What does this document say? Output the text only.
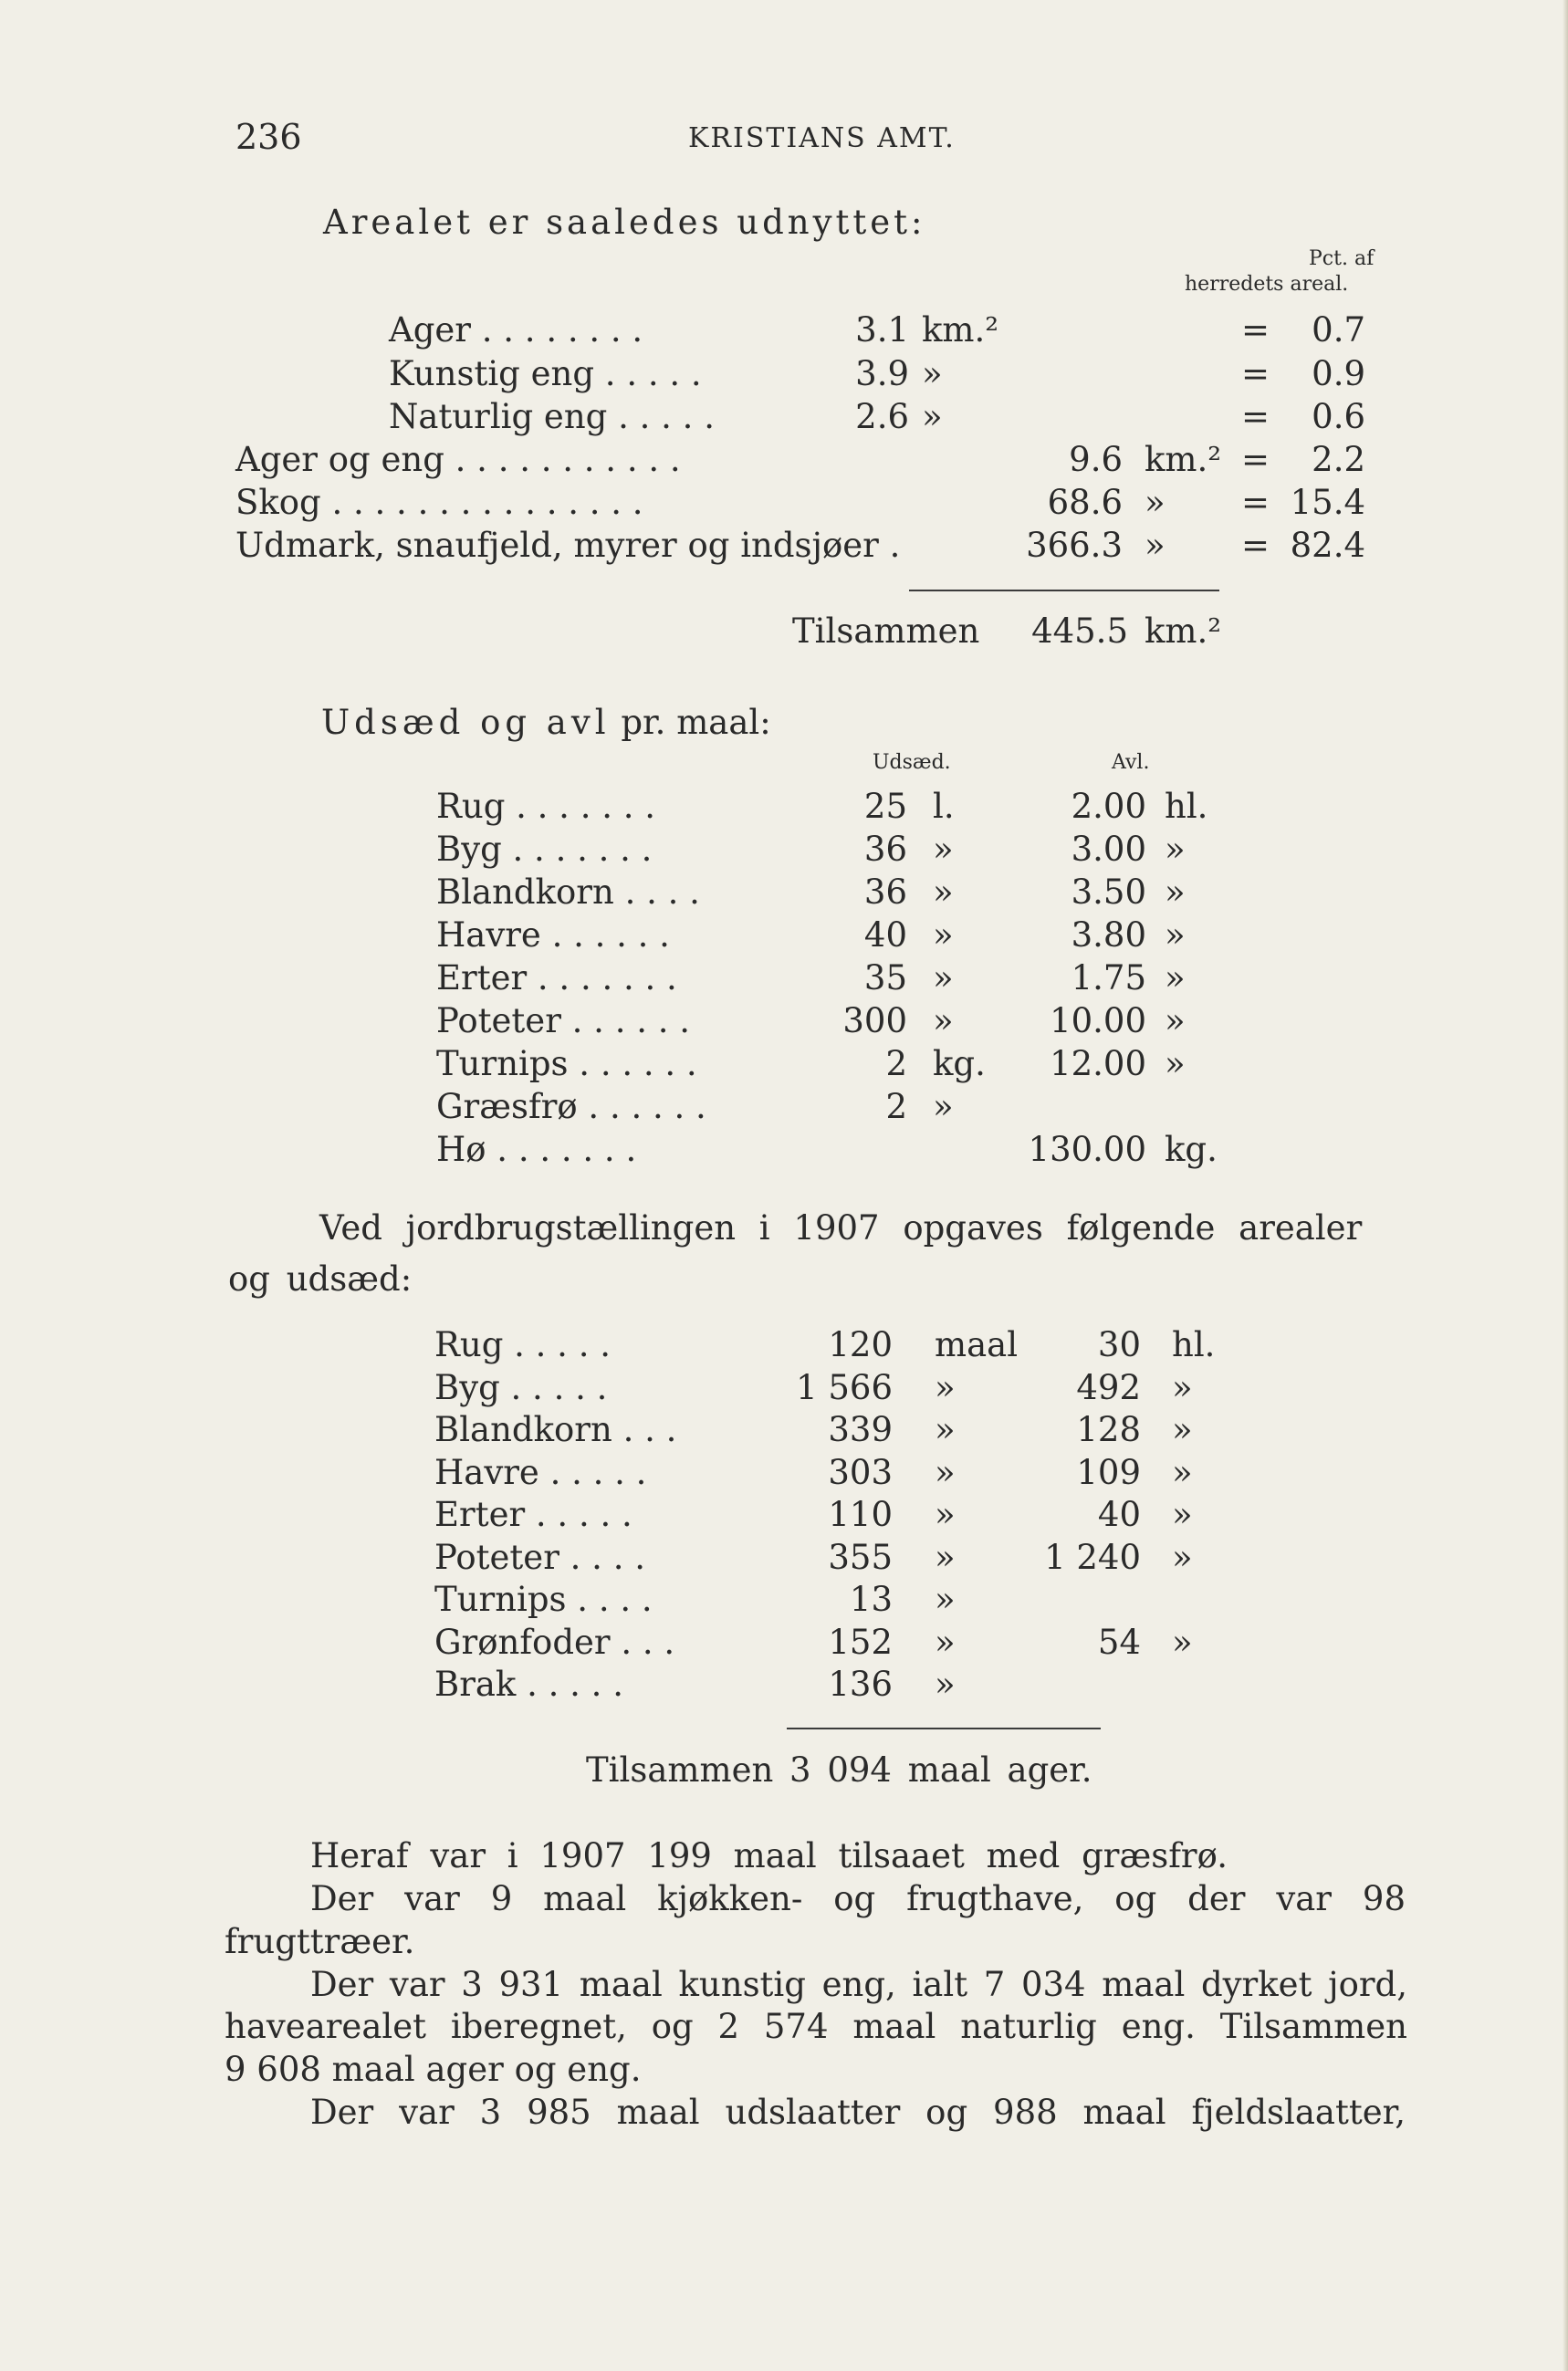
236	KRISTIANS AMT.
Arealet er saaledes udnyttet:
Pct. af
herredets areal.
Ager . . . . . . . .	3.1 km.²	=	0.7
Kunstig eng . . . . .	3.9 »	=	0.9
Naturlig eng . . . . .	2.6 »	=	0.6
Ager og eng . . . . . . . . . . .	9.6 km.² =	2.2
Skog . . . . . . . . . . . . . . .	68.6 » = 15.4
Udmark, snaufjeld, myrer og indsjøer .	366.3 » = 82.4
Tilsammen 445.5 km.²
Udsæd og avl pr. maal:
Udsæd.	Avl.
Rug . . . . . . .	25 l.	2.00 hl.
Byg . . . . . . .	36 »	3.00 »
Blandkorn . . . .	36 »	3.50 »
Havre . . . . . .	40 »	3.80 »
Erter . . . . . . .	35 »	1.75 »
Poteter . . . . . .	300 »	10.00 »
Turnips . . . . . .	2 kg.	12.00 »
Græsfrø . . . . . .	2 »
Hø . . . . . . .	130.00 kg.
Ved jordbrugstællingen i 1907 opgaves følgende arealer
og udsæd:
Rug . . . . .	120 maal	30 hl.
Byg . . . . .	1 566 »	492 »
Blandkorn . . .	339 »	128 »
Havre . . . . .	303 »	109 »
Erter . . . . .	110 »	40 »
Poteter . . . .	355 »	1 240 »
Turnips . . . .	13 »
Grønfoder . . .	152 »	54 »
Brak . . . . .	136 »
Tilsammen 3 094 maal ager.
Heraf var i 1907 199 maal tilsaaet med græsfrø.
Der var 9 maal kjøkken- og frugthave, og der var 98
frugttræer.
Der var 3 931 maal kunstig eng, ialt 7 034 maal dyrket jord,
havearealet iberegnet, og 2 574 maal naturlig eng. Tilsammen
9 608 maal ager og eng.
Der var 3 985 maal udslaatter og 988 maal fjeldslaatter,
